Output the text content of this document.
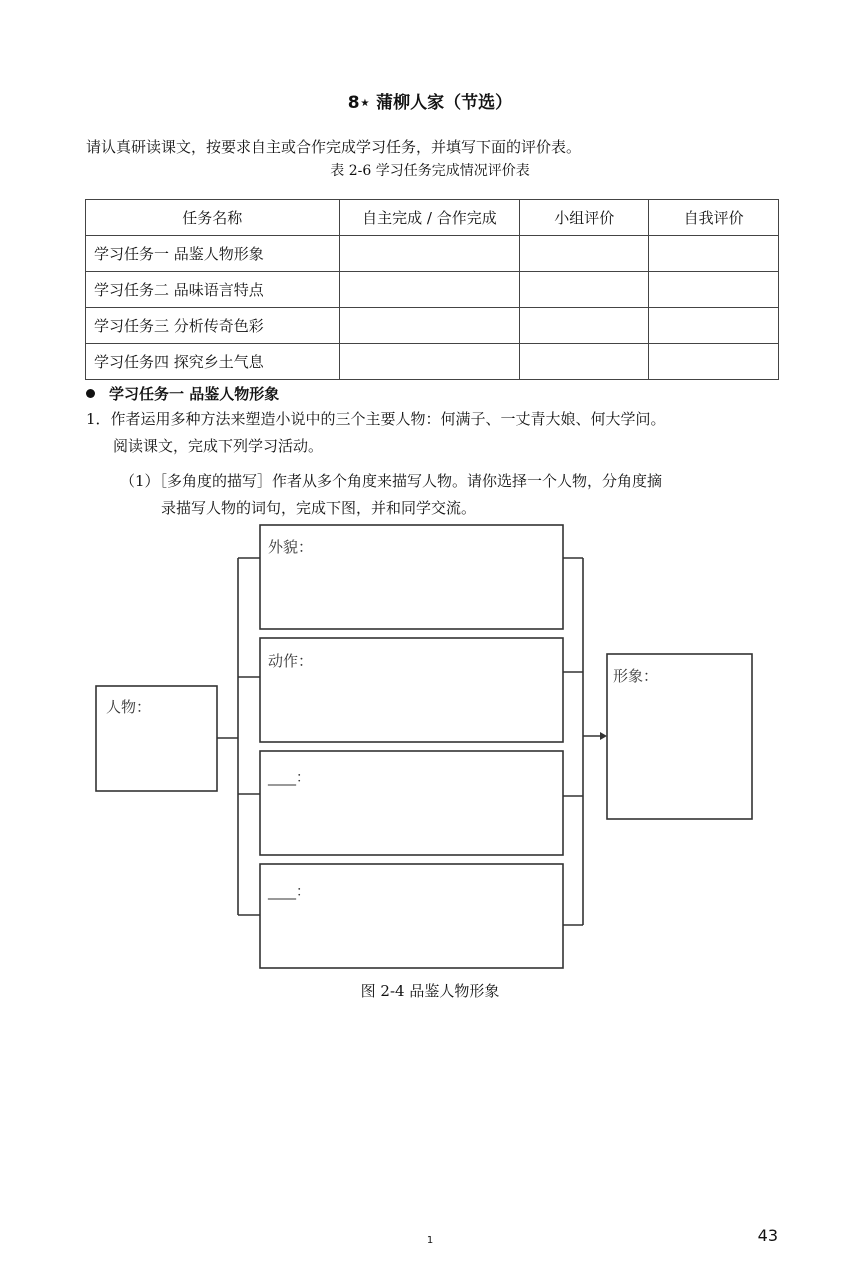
8⋆ 蒲柳人家（节选）
请认真研读课文，按要求自主或合作完成学习任务，并填写下面的评价表。
表 2-6 学习任务完成情况评价表
任务名称	自主完成 / 合作完成	小组评价	自我评价
学习任务一 品鉴人物形象			
学习任务二 品味语言特点			
学习任务三 分析传奇色彩			
学习任务四 探究乡土气息			
学习任务一 品鉴人物形象
1．作者运用多种方法来塑造小说中的三个主要人物：何满子、一丈青大娘、何大学问。
阅读课文，完成下列学习活动。
（1）［多角度的描写］作者从多个角度来描写人物。请你选择一个人物，分角度摘
录描写人物的词句，完成下图，并和同学交流。
人物：
外貌：
动作：
____：
____：
形象：
图 2-4 品鉴人物形象
1	43
